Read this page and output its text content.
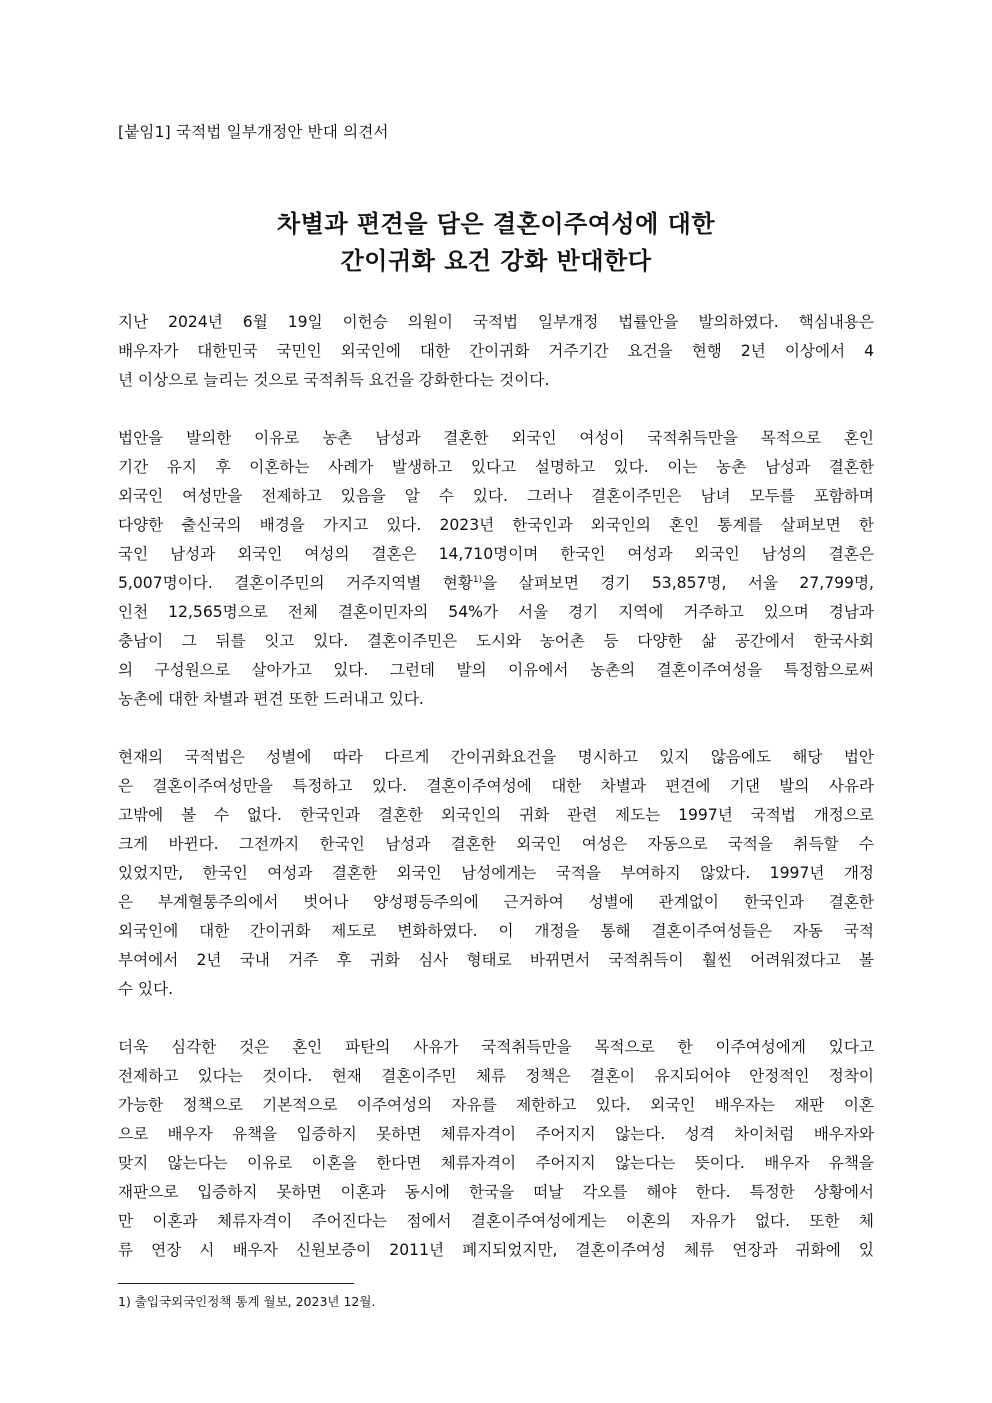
[붙임1] 국적법 일부개정안 반대 의견서
차별과 편견을 담은 결혼이주여성에 대한
간이귀화 요건 강화 반대한다
지난 2024년 6월 19일 이헌승 의원이 국적법 일부개정 법률안을 발의하였다. 핵심내용은
배우자가 대한민국 국민인 외국인에 대한 간이귀화 거주기간 요건을 현행 2년 이상에서 4
년 이상으로 늘리는 것으로 국적취득 요건을 강화한다는 것이다.
법안을 발의한 이유로 농촌 남성과 결혼한 외국인 여성이 국적취득만을 목적으로 혼인
기간 유지 후 이혼하는 사례가 발생하고 있다고 설명하고 있다. 이는 농촌 남성과 결혼한
외국인 여성만을 전제하고 있음을 알 수 있다. 그러나 결혼이주민은 남녀 모두를 포함하며
다양한 출신국의 배경을 가지고 있다. 2023년 한국인과 외국인의 혼인 통계를 살펴보면 한
국인 남성과 외국인 여성의 결혼은 14,710명이며 한국인 여성과 외국인 남성의 결혼은
5,007명이다. 결혼이주민의 거주지역별 현황$^{1)}$을 살펴보면 경기 53,857명, 서울 27,799명,
인천 12,565명으로 전체 결혼이민자의 54%가 서울 경기 지역에 거주하고 있으며 경남과
충남이 그 뒤를 잇고 있다. 결혼이주민은 도시와 농어촌 등 다양한 삶 공간에서 한국사회
의 구성원으로 살아가고 있다. 그런데 발의 이유에서 농촌의 결혼이주여성을 특정함으로써
농촌에 대한 차별과 편견 또한 드러내고 있다.
현재의 국적법은 성별에 따라 다르게 간이귀화요건을 명시하고 있지 않음에도 해당 법안
은 결혼이주여성만을 특정하고 있다. 결혼이주여성에 대한 차별과 편견에 기댄 발의 사유라
고밖에 볼 수 없다. 한국인과 결혼한 외국인의 귀화 관련 제도는 1997년 국적법 개정으로
크게 바뀐다. 그전까지 한국인 남성과 결혼한 외국인 여성은 자동으로 국적을 취득할 수
있었지만, 한국인 여성과 결혼한 외국인 남성에게는 국적을 부여하지 않았다. 1997년 개정
은 부계혈통주의에서 벗어나 양성평등주의에 근거하여 성별에 관계없이 한국인과 결혼한
외국인에 대한 간이귀화 제도로 변화하였다. 이 개정을 통해 결혼이주여성들은 자동 국적
부여에서 2년 국내 거주 후 귀화 심사 형태로 바뀌면서 국적취득이 훨씬 어려워졌다고 볼
수 있다.
더욱 심각한 것은 혼인 파탄의 사유가 국적취득만을 목적으로 한 이주여성에게 있다고
전제하고 있다는 것이다. 현재 결혼이주민 체류 정책은 결혼이 유지되어야 안정적인 정착이
가능한 정책으로 기본적으로 이주여성의 자유를 제한하고 있다. 외국인 배우자는 재판 이혼
으로 배우자 유책을 입증하지 못하면 체류자격이 주어지지 않는다. 성격 차이처럼 배우자와
맞지 않는다는 이유로 이혼을 한다면 체류자격이 주어지지 않는다는 뜻이다. 배우자 유책을
재판으로 입증하지 못하면 이혼과 동시에 한국을 떠날 각오를 해야 한다. 특정한 상황에서
만 이혼과 체류자격이 주어진다는 점에서 결혼이주여성에게는 이혼의 자유가 없다. 또한 체
류 연장 시 배우자 신원보증이 2011년 폐지되었지만, 결혼이주여성 체류 연장과 귀화에 있
1) 출입국외국인정책 통계 월보, 2023년 12월.
